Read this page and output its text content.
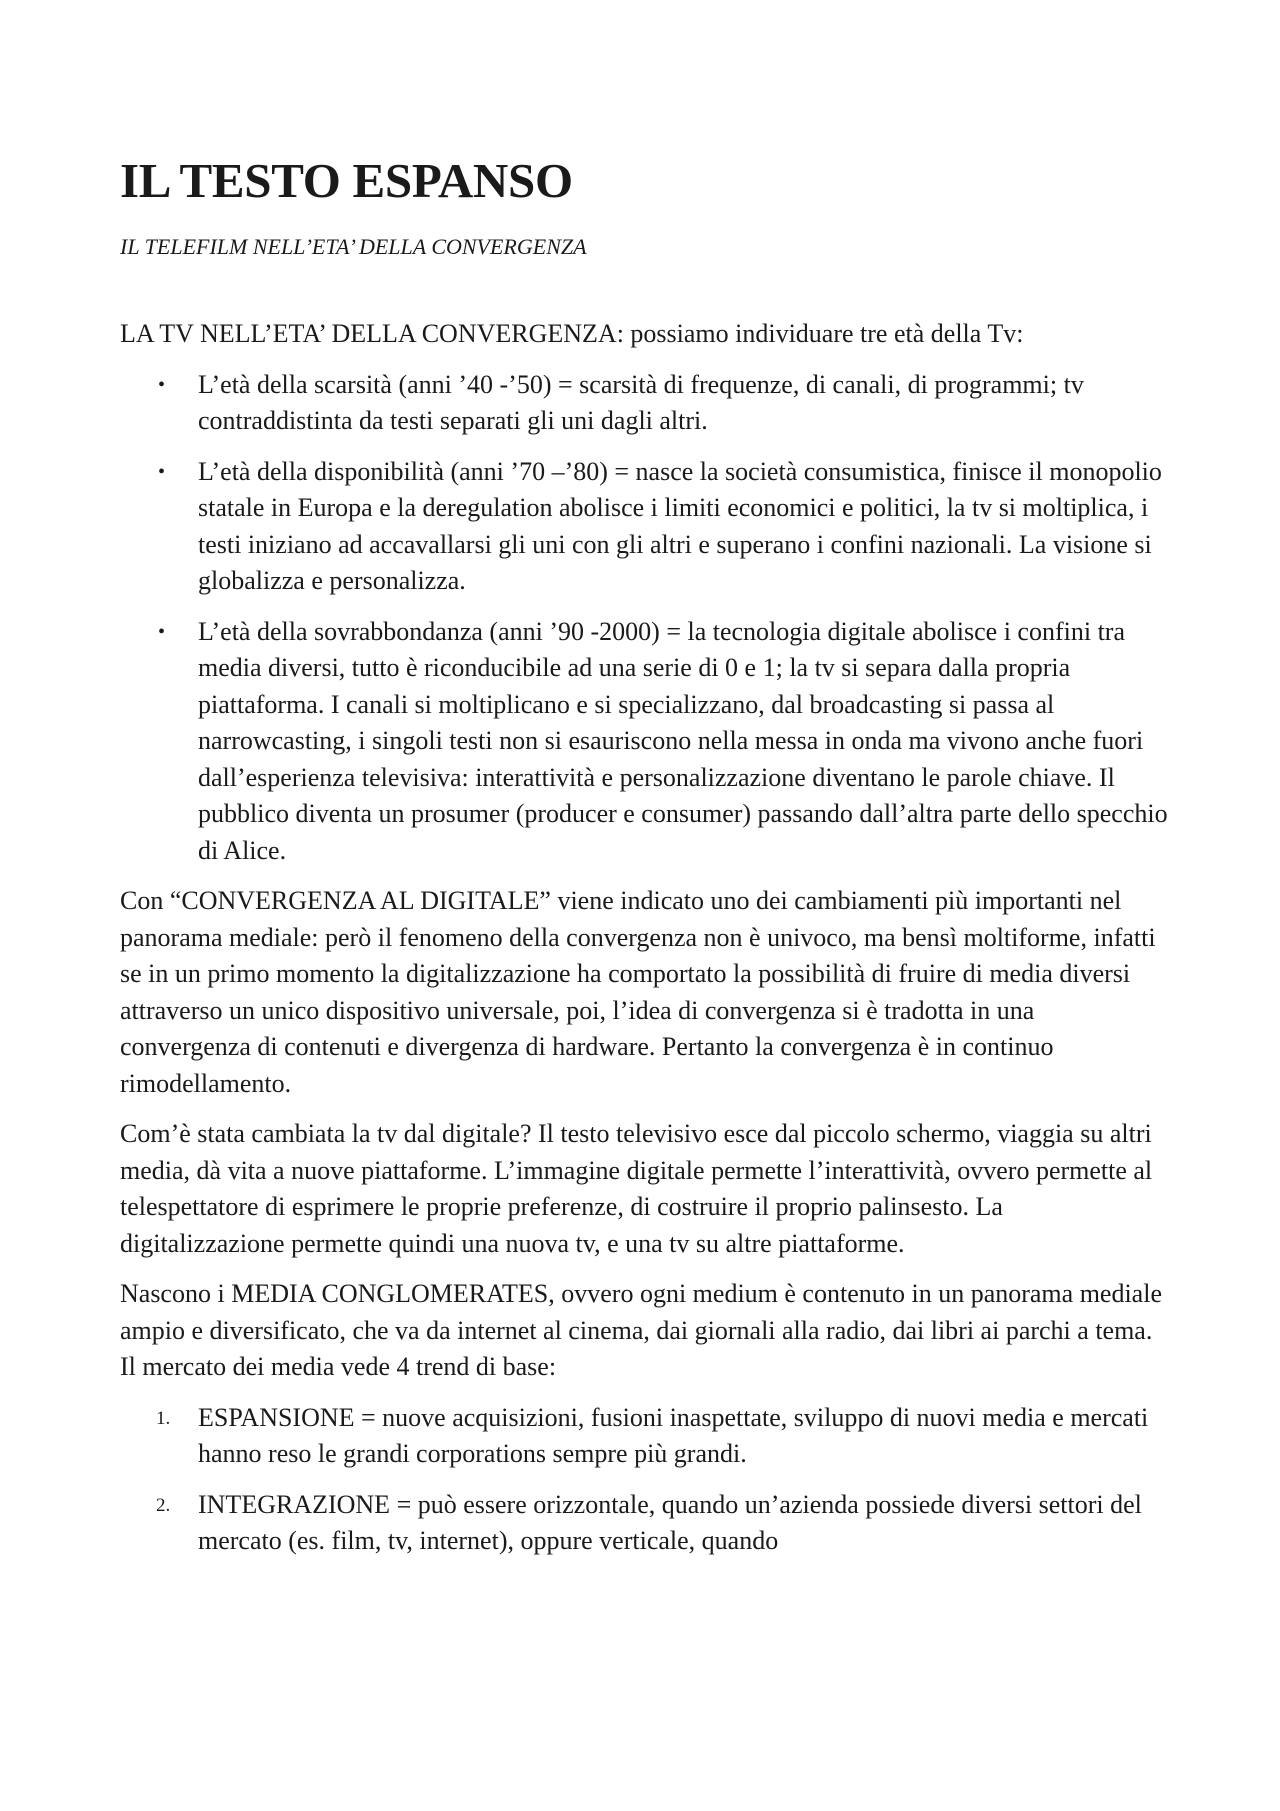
IL TESTO ESPANSO

IL TELEFILM NELL’ETA’ DELLA CONVERGENZA

LA TV NELL’ETA’ DELLA CONVERGENZA: possiamo individuare tre età della Tv:

• L’età della scarsità (anni ’40 -’50) = scarsità di frequenze, di canali, di programmi; tv contraddistinta da testi separati gli uni dagli altri.
• L’età della disponibilità (anni ’70 –’80) = nasce la società consumistica, finisce il monopolio statale in Europa e la deregulation abolisce i limiti economici e politici, la tv si moltiplica, i testi iniziano ad accavallarsi gli uni con gli altri e superano i confini nazionali. La visione si globalizza e personalizza.
• L’età della sovrabbondanza (anni ’90 -2000) = la tecnologia digitale abolisce i confini tra media diversi, tutto è riconducibile ad una serie di 0 e 1; la tv si separa dalla propria piattaforma. I canali si moltiplicano e si specializzano, dal broadcasting si passa al narrowcasting, i singoli testi non si esauriscono nella messa in onda ma vivono anche fuori dall’esperienza televisiva: interattività e personalizzazione diventano le parole chiave. Il pubblico diventa un prosumer (producer e consumer) passando dall’altra parte dello specchio di Alice.

Con “CONVERGENZA AL DIGITALE” viene indicato uno dei cambiamenti più importanti nel panorama mediale: però il fenomeno della convergenza non è univoco, ma bensì moltiforme, infatti se in un primo momento la digitalizzazione ha comportato la possibilità di fruire di media diversi attraverso un unico dispositivo universale, poi, l’idea di convergenza si è tradotta in una convergenza di contenuti e divergenza di hardware. Pertanto la convergenza è in continuo rimodellamento.

Com’è stata cambiata la tv dal digitale? Il testo televisivo esce dal piccolo schermo, viaggia su altri media, dà vita a nuove piattaforme. L’immagine digitale permette l’interattività, ovvero permette al telespettatore di esprimere le proprie preferenze, di costruire il proprio palinsesto. La digitalizzazione permette quindi una nuova tv, e una tv su altre piattaforme.

Nascono i MEDIA CONGLOMERATES, ovvero ogni medium è contenuto in un panorama mediale ampio e diversificato, che va da internet al cinema, dai giornali alla radio, dai libri ai parchi a tema. Il mercato dei media vede 4 trend di base:

1. ESPANSIONE = nuove acquisizioni, fusioni inaspettate, sviluppo di nuovi media e mercati hanno reso le grandi corporations sempre più grandi.
2. INTEGRAZIONE = può essere orizzontale, quando un’azienda possiede diversi settori del mercato (es. film, tv, internet), oppure verticale, quando
